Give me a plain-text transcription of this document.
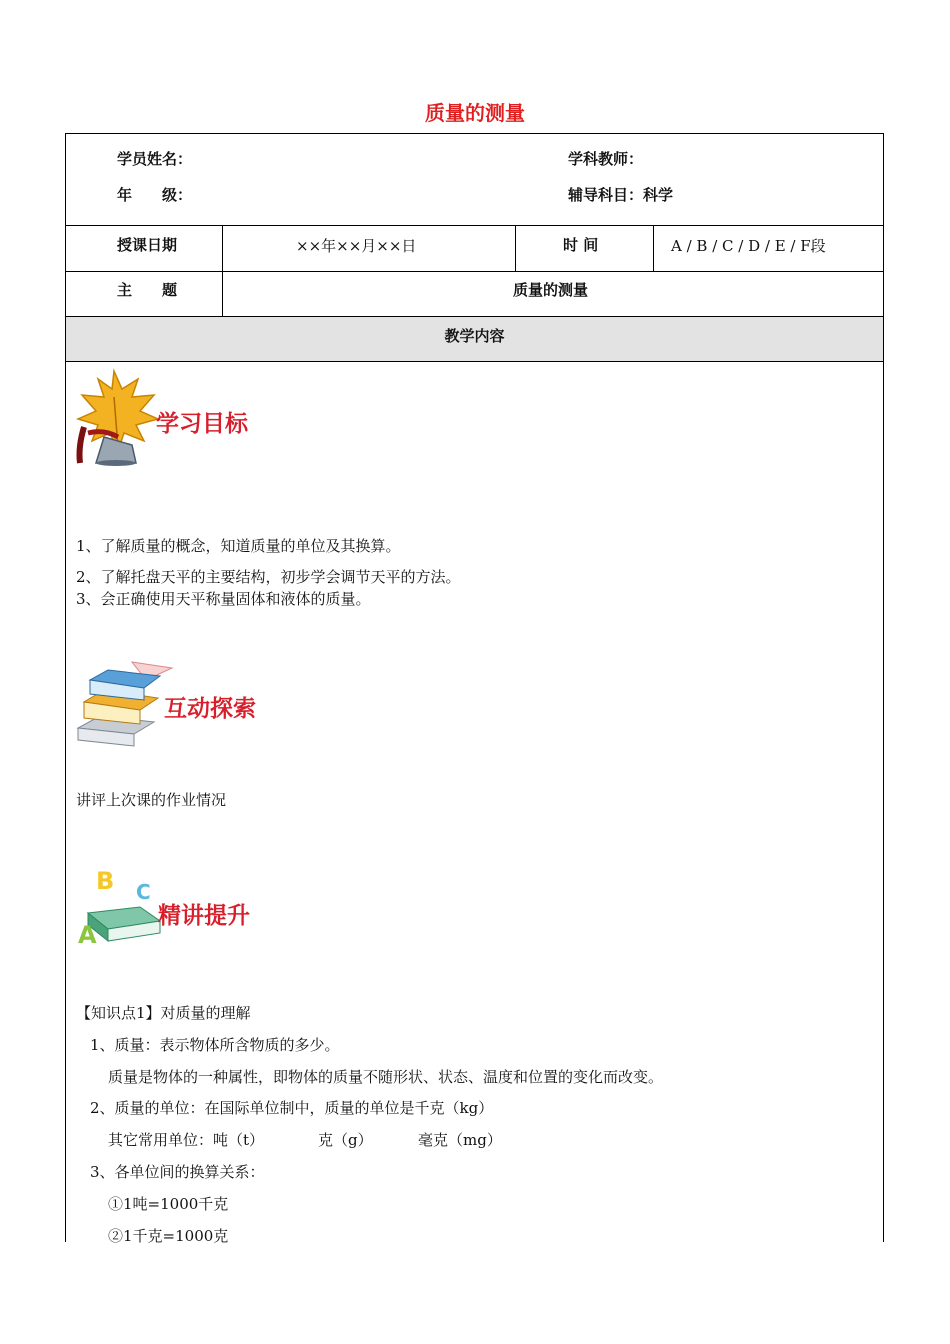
质量的测量
学员姓名：	学科教师：
年　　级：	辅导科目：科学
授课日期	××年××月××日	时 间	A / B / C / D / E / F段
主　　题	质量的测量
教学内容
学习目标
1、了解质量的概念，知道质量的单位及其换算。
2、了解托盘天平的主要结构，初步学会调节天平的方法。
3、会正确使用天平称量固体和液体的质量。
互动探索
讲评上次课的作业情况
B C
A
精讲提升
【知识点1】对质量的理解
1、质量：表示物体所含物质的多少。
质量是物体的一种属性，即物体的质量不随形状、状态、温度和位置的变化而改变。
2、质量的单位：在国际单位制中，质量的单位是千克（kg）
其它常用单位：吨（t）	克（g）	毫克（mg）
3、各单位间的换算关系：
①1吨=1000千克
②1千克=1000克
